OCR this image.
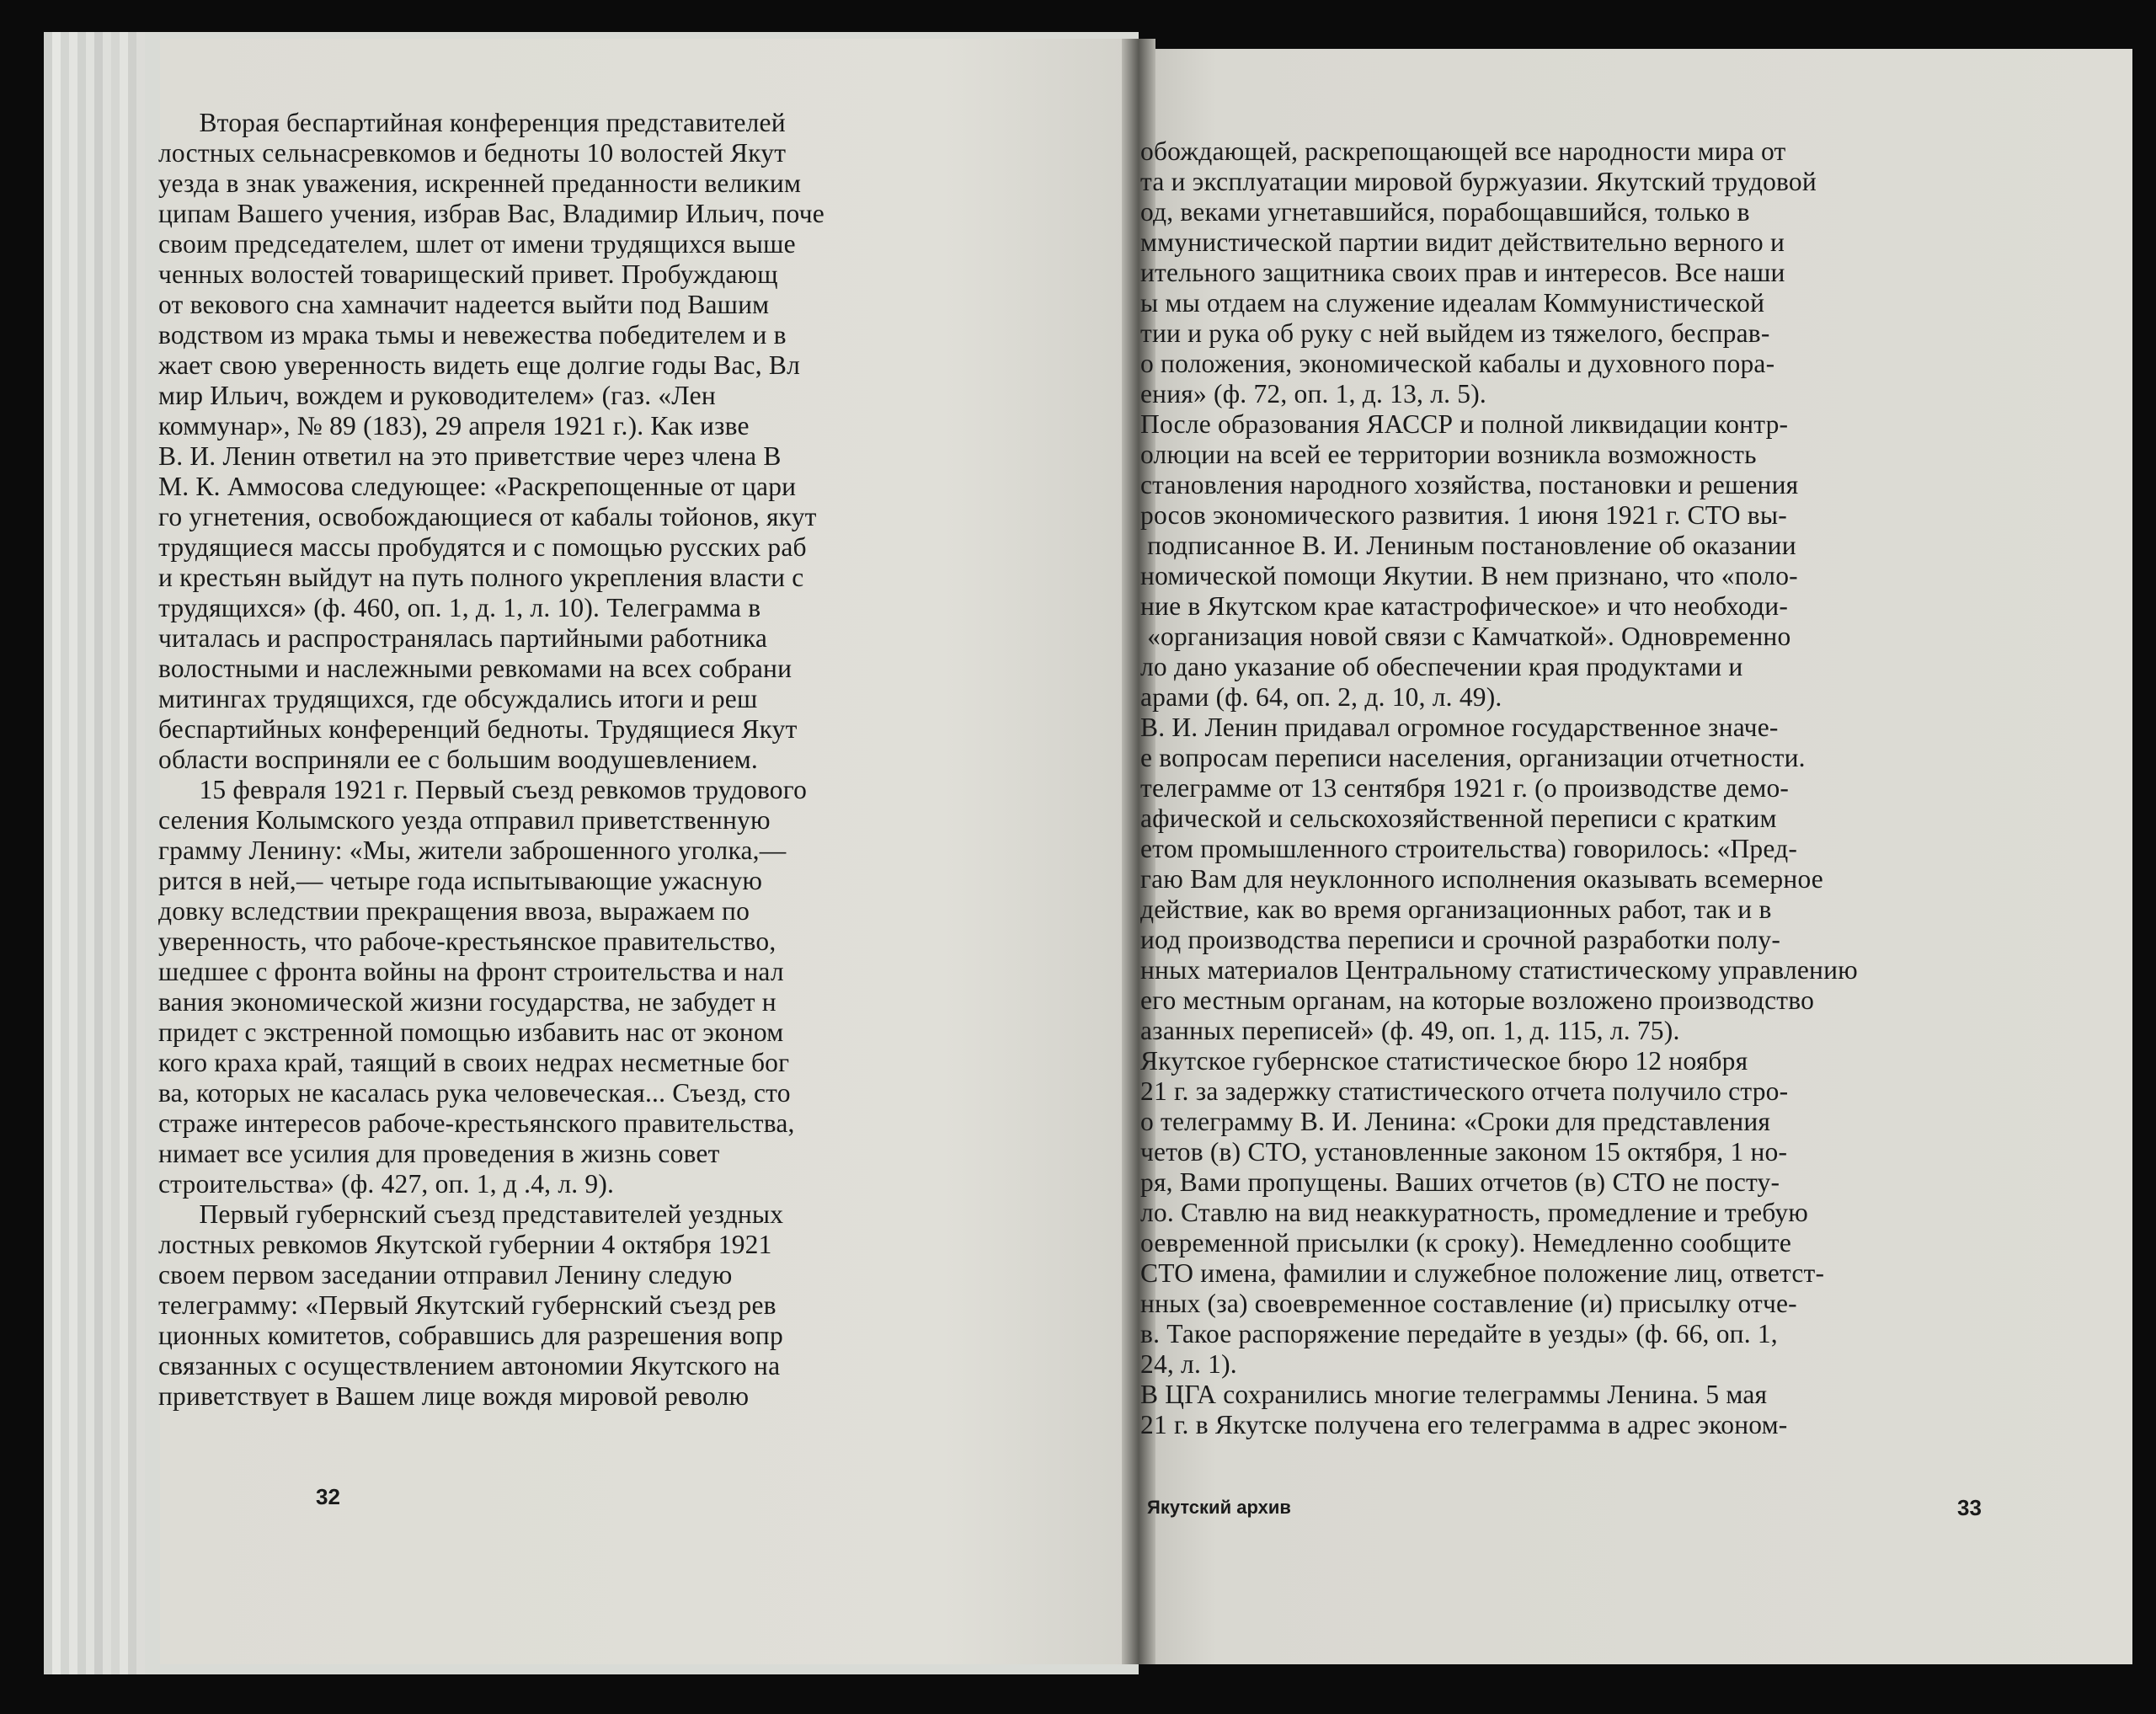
Вторая беспартийная конференция представителей
лостных сельнасревкомов и бедноты 10 волостей Якут
уезда в знак уважения, искренней преданности великим
ципам Вашего учения, избрав Вас, Владимир Ильич, поче
своим председателем, шлет от имени трудящихся выше
ченных волостей товарищеский привет. Пробуждающ
от векового сна хамначит надеется выйти под Вашим
водством из мрака тьмы и невежества победителем и в
жает свою уверенность видеть еще долгие годы Вас, Вл
мир Ильич, вождем и руководителем» (газ. «Лен
коммунар», № 89 (183), 29 апреля 1921 г.). Как изве
В. И. Ленин ответил на это приветствие через члена В
М. К. Аммосова следующее: «Раскрепощенные от цари
го угнетения, освобождающиеся от кабалы тойонов, якут
трудящиеся массы пробудятся и с помощью русских раб
и крестьян выйдут на путь полного укрепления власти с
трудящихся» (ф. 460, оп. 1, д. 1, л. 10). Телеграмма в
читалась и распространялась партийными работника
волостными и наслежными ревкомами на всех собрани
митингах трудящихся, где обсуждались итоги и реш
беспартийных конференций бедноты. Трудящиеся Якут
области восприняли ее с большим воодушевлением.
15 февраля 1921 г. Первый съезд ревкомов трудового
селения Колымского уезда отправил приветственную
грамму Ленину: «Мы, жители заброшенного уголка,—
рится в ней,— четыре года испытывающие ужасную
довку вследствии прекращения ввоза, выражаем по
уверенность, что рабоче-крестьянское правительство,
шедшее с фронта войны на фронт строительства и нал
вания экономической жизни государства, не забудет н
придет с экстренной помощью избавить нас от эконом
кого краха край, таящий в своих недрах несметные бог
ва, которых не касалась рука человеческая... Съезд, сто
страже интересов рабоче-крестьянского правительства,
нимает все усилия для проведения в жизнь совет
строительства» (ф. 427, оп. 1, д .4, л. 9).
Первый губернский съезд представителей уездных
лостных ревкомов Якутской губернии 4 октября 1921
своем первом заседании отправил Ленину следую
телеграмму: «Первый Якутский губернский съезд рев
ционных комитетов, собравшись для разрешения вопр
связанных с осуществлением автономии Якутского на
приветствует в Вашем лице вождя мировой револю
обождающей, раскрепощающей все народности мира от
та и эксплуатации мировой буржуазии. Якутский трудовой
од, веками угнетавшийся, порабощавшийся, только в
ммунистической партии видит действительно верного и
ительного защитника своих прав и интересов. Все наши
ы мы отдаем на служение идеалам Коммунистической
тии и рука об руку с ней выйдем из тяжелого, бесправ-
о положения, экономической кабалы и духовного пора-
ения» (ф. 72, оп. 1, д. 13, л. 5).
После образования ЯАССР и полной ликвидации контр-
олюции на всей ее территории возникла возможность
становления народного хозяйства, постановки и решения
росов экономического развития. 1 июня 1921 г. СТО вы-
подписанное В. И. Лениным постановление об оказании
номической помощи Якутии. В нем признано, что «поло-
ние в Якутском крае катастрофическое» и что необходи-
«организация новой связи с Камчаткой». Одновременно
ло дано указание об обеспечении края продуктами и
арами (ф. 64, оп. 2, д. 10, л. 49).
В. И. Ленин придавал огромное государственное значе-
е вопросам переписи населения, организации отчетности.
телеграмме от 13 сентября 1921 г. (о производстве демо-
афической и сельскохозяйственной переписи с кратким
етом промышленного строительства) говорилось: «Пред-
гаю Вам для неуклонного исполнения оказывать всемерное
действие, как во время организационных работ, так и в
иод производства переписи и срочной разработки полу-
нных материалов Центральному статистическому управлению
его местным органам, на которые возложено производство
азанных переписей» (ф. 49, оп. 1, д. 115, л. 75).
Якутское губернское статистическое бюро 12 ноября
21 г. за задержку статистического отчета получило стро-
о телеграмму В. И. Ленина: «Сроки для представления
четов (в) СТО, установленные законом 15 октября, 1 но-
ря, Вами пропущены. Ваших отчетов (в) СТО не посту-
ло. Ставлю на вид неаккуратность, промедление и требую
оевременной присылки (к сроку). Немедленно сообщите
СТО имена, фамилии и служебное положение лиц, ответст-
нных (за) своевременное составление (и) присылку отче-
в. Такое распоряжение передайте в уезды» (ф. 66, оп. 1,
24, л. 1).
В ЦГА сохранились многие телеграммы Ленина. 5 мая
21 г. в Якутске получена его телеграмма в адрес эконом-
32	Якутский архив	33
